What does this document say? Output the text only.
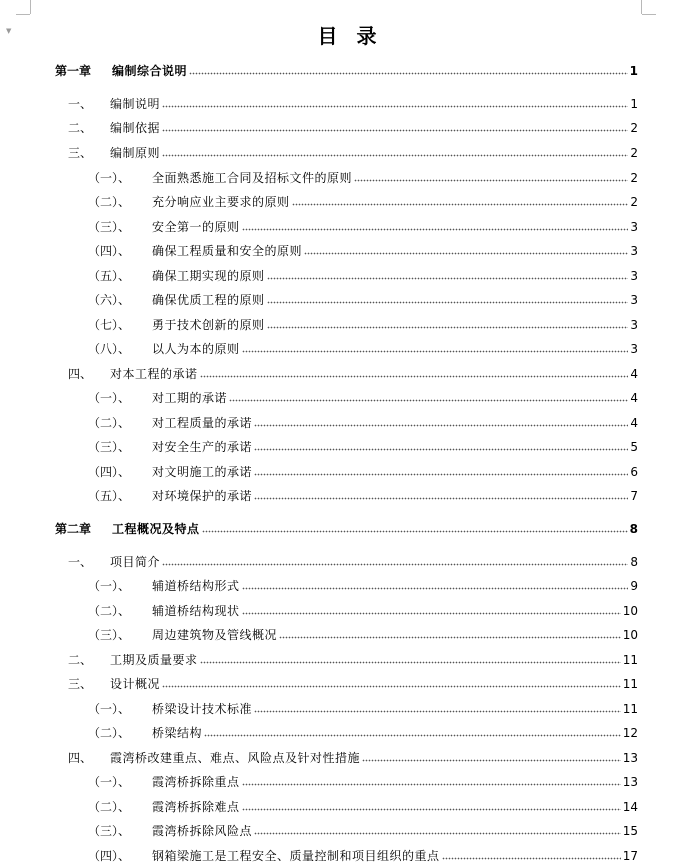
▼	目 录
第一章 编制综合说明	1
一、 编制说明	1
二、 编制依据	2
三、 编制原则	2
（一）、 全面熟悉施工合同及招标文件的原则	2
（二）、 充分响应业主要求的原则	2
（三）、 安全第一的原则	3
（四）、 确保工程质量和安全的原则	3
（五）、 确保工期实现的原则	3
（六）、 确保优质工程的原则	3
（七）、 勇于技术创新的原则	3
（八）、 以人为本的原则	3
四、 对本工程的承诺	4
（一）、 对工期的承诺	4
（二）、 对工程质量的承诺	4
（三）、 对安全生产的承诺	5
（四）、 对文明施工的承诺	6
（五）、 对环境保护的承诺	7
第二章 工程概况及特点	8
一、 项目简介	8
（一）、 辅道桥结构形式	9
（二）、 辅道桥结构现状	10
（三）、 周边建筑物及管线概况	10
二、 工期及质量要求	11
三、 设计概况	11
（一）、 桥梁设计技术标准	11
（二）、 桥梁结构	12
四、 霞湾桥改建重点、难点、风险点及针对性措施	13
（一）、 霞湾桥拆除重点	13
（二）、 霞湾桥拆除难点	14
（三）、 霞湾桥拆除风险点	15
（四）、 钢箱梁施工是工程安全、质量控制和项目组织的重点	17
